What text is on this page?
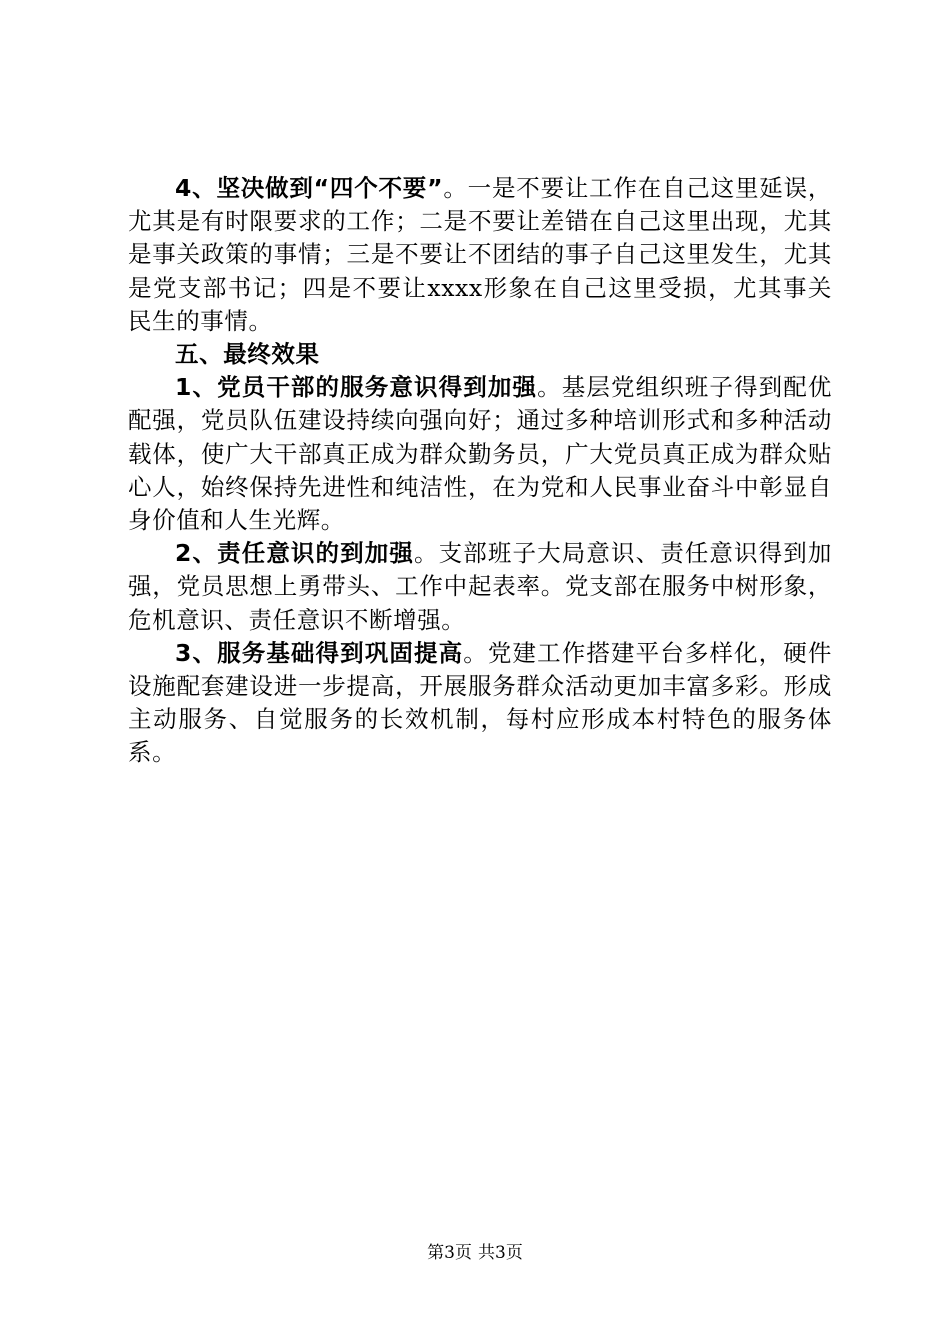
4、坚决做到“四个不要”。一是不要让工作在自己这里延误，尤其是有时限要求的工作；二是不要让差错在自己这里出现，尤其是事关政策的事情；三是不要让不团结的事子自己这里发生，尤其是党支部书记；四是不要让xxxx形象在自己这里受损，尤其事关民生的事情。

五、最终效果

1、党员干部的服务意识得到加强。基层党组织班子得到配优配强，党员队伍建设持续向强向好；通过多种培训形式和多种活动载体，使广大干部真正成为群众勤务员，广大党员真正成为群众贴心人，始终保持先进性和纯洁性，在为党和人民事业奋斗中彰显自身价值和人生光辉。

2、责任意识的到加强。支部班子大局意识、责任意识得到加强，党员思想上勇带头、工作中起表率。党支部在服务中树形象，危机意识、责任意识不断增强。

3、服务基础得到巩固提高。党建工作搭建平台多样化，硬件设施配套建设进一步提高，开展服务群众活动更加丰富多彩。形成主动服务、自觉服务的长效机制，每村应形成本村特色的服务体系。

第3页 共3页
